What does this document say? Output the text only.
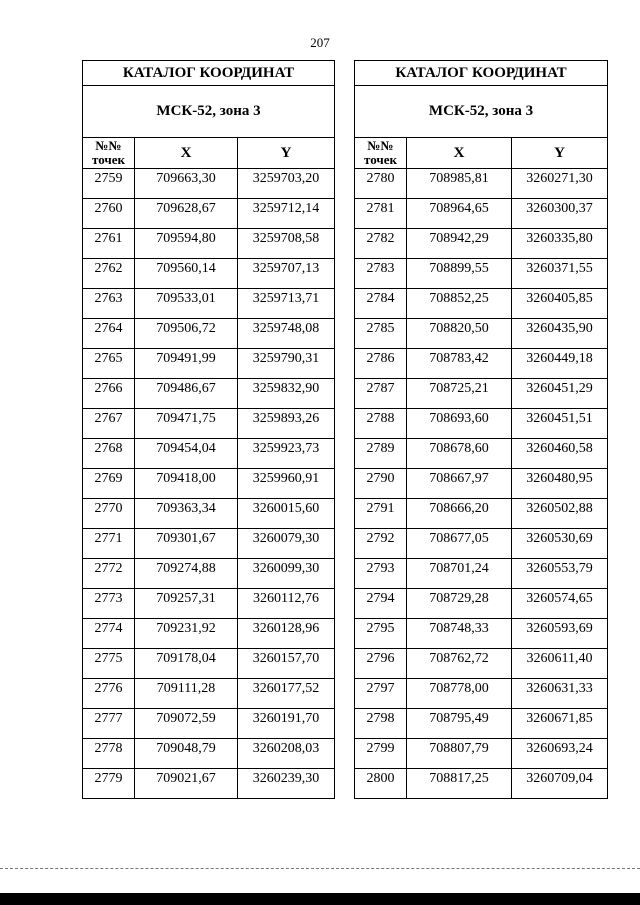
207
КАТАЛОГ КООРДИНАТ		
МСК-52, зона 3		
№№ точек	X	Y
2759	709663,30	3259703,20
2760	709628,67	3259712,14
2761	709594,80	3259708,58
2762	709560,14	3259707,13
2763	709533,01	3259713,71
2764	709506,72	3259748,08
2765	709491,99	3259790,31
2766	709486,67	3259832,90
2767	709471,75	3259893,26
2768	709454,04	3259923,73
2769	709418,00	3259960,91
2770	709363,34	3260015,60
2771	709301,67	3260079,30
2772	709274,88	3260099,30
2773	709257,31	3260112,76
2774	709231,92	3260128,96
2775	709178,04	3260157,70
2776	709111,28	3260177,52
2777	709072,59	3260191,70
2778	709048,79	3260208,03
2779	709021,67	3260239,30
КАТАЛОГ КООРДИНАТ		
МСК-52, зона 3		
№№ точек	X	Y
2780	708985,81	3260271,30
2781	708964,65	3260300,37
2782	708942,29	3260335,80
2783	708899,55	3260371,55
2784	708852,25	3260405,85
2785	708820,50	3260435,90
2786	708783,42	3260449,18
2787	708725,21	3260451,29
2788	708693,60	3260451,51
2789	708678,60	3260460,58
2790	708667,97	3260480,95
2791	708666,20	3260502,88
2792	708677,05	3260530,69
2793	708701,24	3260553,79
2794	708729,28	3260574,65
2795	708748,33	3260593,69
2796	708762,72	3260611,40
2797	708778,00	3260631,33
2798	708795,49	3260671,85
2799	708807,79	3260693,24
2800	708817,25	3260709,04
